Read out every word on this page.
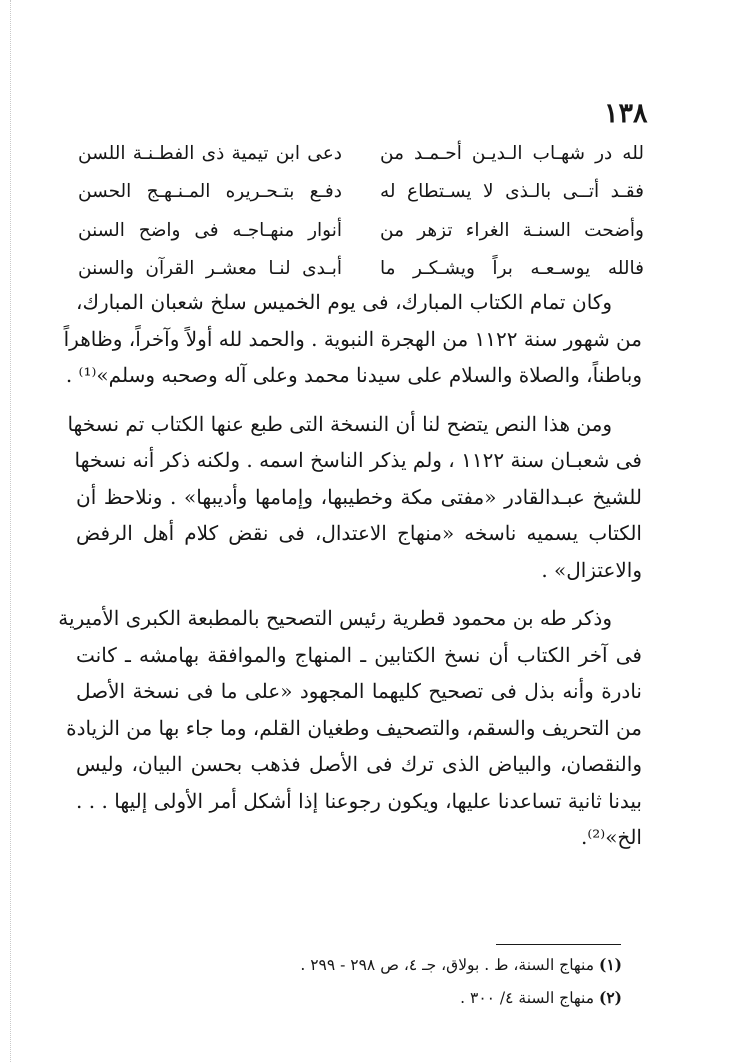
١٣٨
لله در شهـاب الـديـن أحـمـد من
دعى ابن تيمية ذى الفطـنـة اللسن
فقـد أتــى بالـذى لا يسـتطاع له
دفـع بتـحـريره المـنـهـج الحسن
وأضحت السنـة الغراء تزهر من
أنوار منهـاجـه فى واضح السنن
فالله يوسـعـه براً ويشـكـر ما
أبـدى لنـا معشـر القرآن والسنن
وكان تمام الكتاب المبارك، فى يوم الخميس سلخ شعبان المبارك،
من شهور سنة ١١٢٢ من الهجرة النبوية . والحمد لله أولاً وآخراً، وظاهراً
وباطناً، والصلاة والسلام على سيدنا محمد وعلى آله وصحبه وسلم»⁽¹⁾ .
ومن هذا النص يتضح لنا أن النسخة التى طبع عنها الكتاب تم نسخها
فى شعبـان سنة ١١٢٢ ، ولم يذكر الناسخ اسمه . ولكنه ذكر أنه نسخها
للشيخ عبـدالقادر «مفتى مكة وخطيبها، وإمامها وأديبها» . ونلاحظ أن
الكتاب يسميه ناسخه «منهاج الاعتدال، فى نقض كلام أهل الرفض
والاعتزال» .
وذكر طه بن محمود قطرية رئيس التصحيح بالمطبعة الكبرى الأميرية
فى آخر الكتاب أن نسخ الكتابين ـ المنهاج والموافقة بهامشه ـ كانت
نادرة وأنه بذل فى تصحيح كليهما المجهود «على ما فى نسخة الأصل
من التحريف والسقم، والتصحيف وطغيان القلم، وما جاء بها من الزيادة
والنقصان، والبياض الذى ترك فى الأصل فذهب بحسن البيان، وليس
بيدنا ثانية تساعدنا عليها، ويكون رجوعنا إذا أشكل أمر الأولى إليها . . .
الخ»⁽²⁾.
(١) منهاج السنة، ط . بولاق، جـ ٤، ص ٢٩٨ - ٢٩٩ .
(٢) منهاج السنة ٤/ ٣٠٠ .
